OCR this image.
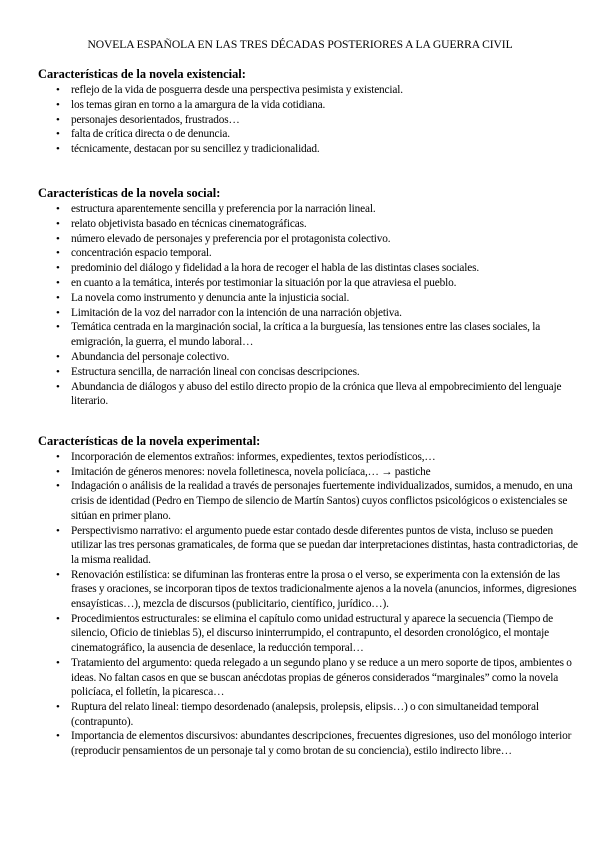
NOVELA ESPAÑOLA EN LAS TRES DÉCADAS POSTERIORES A LA GUERRA CIVIL
Características de la novela existencial:
• reflejo de la vida de posguerra desde una perspectiva pesimista y existencial.
• los temas giran en torno a la amargura de la vida cotidiana.
• personajes desorientados, frustrados…
• falta de crítica directa o de denuncia.
• técnicamente, destacan por su sencillez y tradicionalidad.
Características de la novela social:
• estructura aparentemente sencilla y preferencia por la narración lineal.
• relato objetivista basado en técnicas cinematográficas.
• número elevado de personajes y preferencia por el protagonista colectivo.
• concentración espacio temporal.
• predominio del diálogo y fidelidad a la hora de recoger el habla de las distintas clases sociales.
• en cuanto a la temática, interés por testimoniar la situación por la que atraviesa el pueblo.
• La novela como instrumento y denuncia ante la injusticia social.
• Limitación de la voz del narrador con la intención de una narración objetiva.
• Temática centrada en la marginación social, la crítica a la burguesía, las tensiones entre las clases sociales, la emigración, la guerra, el mundo laboral…
• Abundancia del personaje colectivo.
• Estructura sencilla, de narración lineal con concisas descripciones.
• Abundancia de diálogos y abuso del estilo directo propio de la crónica que lleva al empobrecimiento del lenguaje literario.
Características de la novela experimental:
• Incorporación de elementos extraños: informes, expedientes, textos periodísticos,…
• Imitación de géneros menores: novela folletinesca, novela policíaca,… → pastiche
• Indagación o análisis de la realidad a través de personajes fuertemente individualizados, sumidos, a menudo, en una crisis de identidad (Pedro en Tiempo de silencio de Martín Santos) cuyos conflictos psicológicos o existenciales se sitúan en primer plano.
• Perspectivismo narrativo: el argumento puede estar contado desde diferentes puntos de vista, incluso se pueden utilizar las tres personas gramaticales, de forma que se puedan dar interpretaciones distintas, hasta contradictorias, de la misma realidad.
• Renovación estilística: se difuminan las fronteras entre la prosa o el verso, se experimenta con la extensión de las frases y oraciones, se incorporan tipos de textos tradicionalmente ajenos a la novela (anuncios, informes, digresiones ensayísticas…), mezcla de discursos (publicitario, científico, jurídico…).
• Procedimientos estructurales: se elimina el capítulo como unidad estructural y aparece la secuencia (Tiempo de silencio, Oficio de tinieblas 5), el discurso ininterrumpido, el contrapunto, el desorden cronológico, el montaje cinematográfico, la ausencia de desenlace, la reducción temporal…
• Tratamiento del argumento: queda relegado a un segundo plano y se reduce a un mero soporte de tipos, ambientes o ideas. No faltan casos en que se buscan anécdotas propias de géneros considerados “marginales” como la novela policíaca, el folletín, la picaresca…
• Ruptura del relato lineal: tiempo desordenado (analepsis, prolepsis, elipsis…) o con simultaneidad temporal (contrapunto).
• Importancia de elementos discursivos: abundantes descripciones, frecuentes digresiones, uso del monólogo interior (reproducir pensamientos de un personaje tal y como brotan de su conciencia), estilo indirecto libre…
